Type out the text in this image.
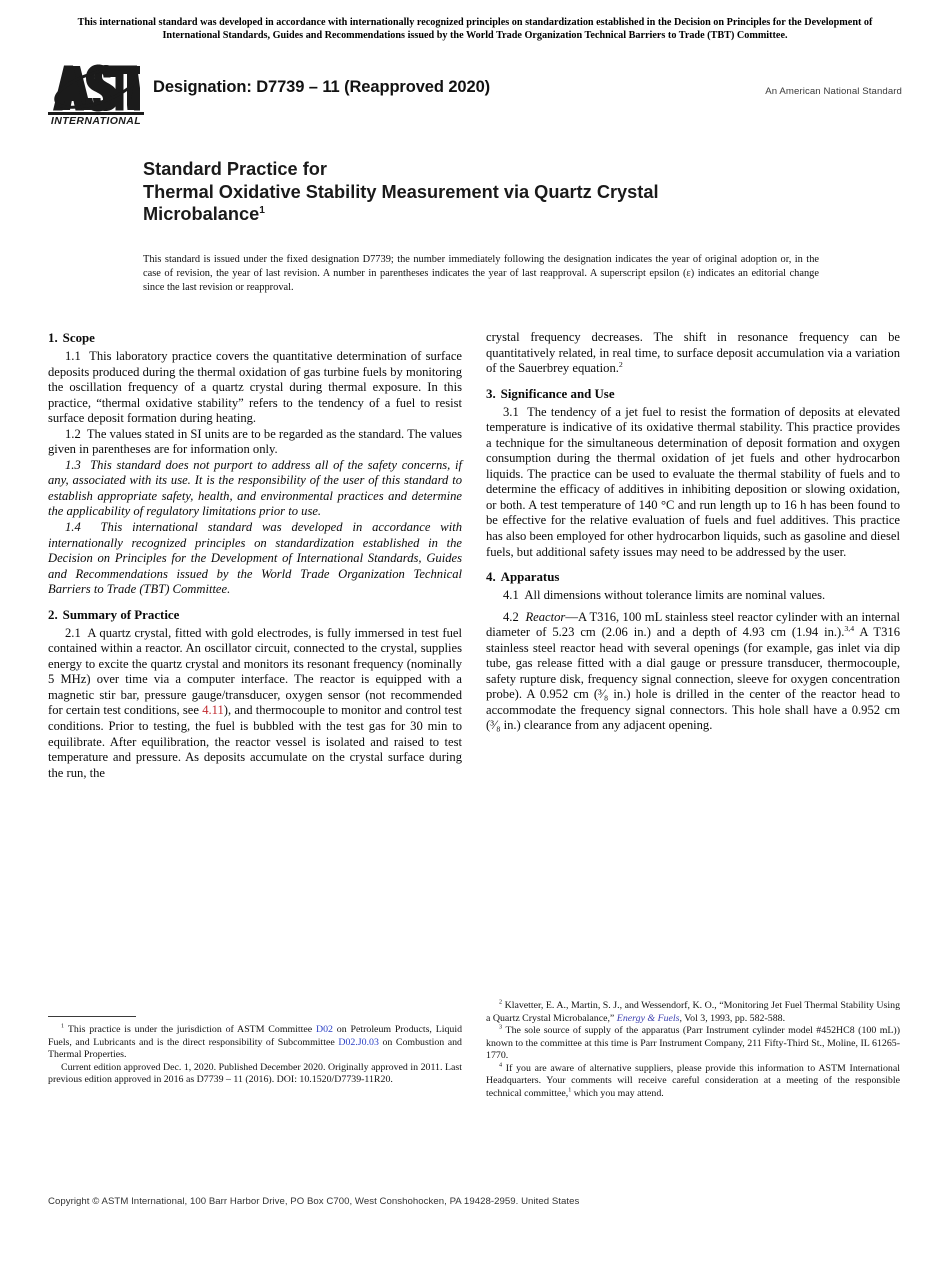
This international standard was developed in accordance with internationally recognized principles on standardization established in the Decision on Principles for the Development of International Standards, Guides and Recommendations issued by the World Trade Organization Technical Barriers to Trade (TBT) Committee.
INTERNATIONAL
Designation: D7739 – 11 (Reapproved 2020)	An American National Standard
Standard Practice for
Thermal Oxidative Stability Measurement via Quartz Crystal
Microbalance$^1$
This standard is issued under the fixed designation D7739; the number immediately following the designation indicates the year of original adoption or, in the case of revision, the year of last revision. A number in parentheses indicates the year of last reapproval. A superscript epsilon (ε) indicates an editorial change since the last revision or reapproval.
1. Scope

1.1 This laboratory practice covers the quantitative determination of surface deposits produced during the thermal oxidation of gas turbine fuels by monitoring the oscillation frequency of a quartz crystal during thermal exposure. In this practice, “thermal oxidative stability” refers to the tendency of a fuel to resist surface deposit formation during heating.

1.2 The values stated in SI units are to be regarded as the standard. The values given in parentheses are for information only.

1.3 This standard does not purport to address all of the safety concerns, if any, associated with its use. It is the responsibility of the user of this standard to establish appropriate safety, health, and environmental practices and determine the applicability of regulatory limitations prior to use.

1.4 This international standard was developed in accordance with internationally recognized principles on standardization established in the Decision on Principles for the Development of International Standards, Guides and Recommendations issued by the World Trade Organization Technical Barriers to Trade (TBT) Committee.

2. Summary of Practice

2.1 A quartz crystal, fitted with gold electrodes, is fully immersed in test fuel contained within a reactor. An oscillator circuit, connected to the crystal, supplies energy to excite the quartz crystal and monitors its resonant frequency (nominally 5 MHz) over time via a computer interface. The reactor is equipped with a magnetic stir bar, pressure gauge/transducer, oxygen sensor (not recommended for certain test conditions, see 4.11), and thermocouple to monitor and control test conditions. Prior to testing, the fuel is bubbled with the test gas for 30 min to equilibrate. After equilibration, the reactor vessel is isolated and raised to test temperature and pressure. As deposits accumulate on the crystal surface during the run, the

crystal frequency decreases. The shift in resonance frequency can be quantitatively related, in real time, to surface deposit accumulation via a variation of the Sauerbrey equation.$^2$

3. Significance and Use

3.1 The tendency of a jet fuel to resist the formation of deposits at elevated temperature is indicative of its oxidative thermal stability. This practice provides a technique for the simultaneous determination of deposit formation and oxygen consumption during the thermal oxidation of jet fuels and other hydrocarbon liquids. The practice can be used to evaluate the thermal stability of fuels and to determine the efficacy of additives in inhibiting deposition or slowing oxidation, or both. A test temperature of 140 °C and run length up to 16 h has been found to be effective for the relative evaluation of fuels and fuel additives. This practice has also been employed for other hydrocarbon liquids, such as gasoline and diesel fuels, but additional safety issues may need to be addressed by the user.

4. Apparatus

4.1 All dimensions without tolerance limits are nominal values.

4.2 Reactor—A T316, 100 mL stainless steel reactor cylinder with an internal diameter of 5.23 cm (2.06 in.) and a depth of 4.93 cm (1.94 in.).$^{3,4}$ A T316 stainless steel reactor head with several openings (for example, gas inlet via dip tube, gas release fitted with a dial gauge or pressure transducer, thermocouple, safety rupture disk, frequency signal connection, sleeve for oxygen concentration probe). A 0.952 cm (³⁄₈ in.) hole is drilled in the center of the reactor head to accommodate the frequency signal connectors. This hole shall have a 0.952 cm (³⁄₈ in.) clearance from any adjacent opening.

$^1$ This practice is under the jurisdiction of ASTM Committee D02 on Petroleum Products, Liquid Fuels, and Lubricants and is the direct responsibility of Subcommittee D02.J0.03 on Combustion and Thermal Properties.

Current edition approved Dec. 1, 2020. Published December 2020. Originally approved in 2011. Last previous edition approved in 2016 as D7739 – 11 (2016). DOI: 10.1520/D7739-11R20.

$^2$ Klavetter, E. A., Martin, S. J., and Wessendorf, K. O., “Monitoring Jet Fuel Thermal Stability Using a Quartz Crystal Microbalance,” Energy & Fuels, Vol 3, 1993, pp. 582-588.

$^3$ The sole source of supply of the apparatus (Parr Instrument cylinder model #452HC8 (100 mL)) known to the committee at this time is Parr Instrument Company, 211 Fifty-Third St., Moline, IL 61265-1770.

$^4$ If you are aware of alternative suppliers, please provide this information to ASTM International Headquarters. Your comments will receive careful consideration at a meeting of the responsible technical committee,$^1$ which you may attend.

Copyright © ASTM International, 100 Barr Harbor Drive, PO Box C700, West Conshohocken, PA 19428-2959. United States
